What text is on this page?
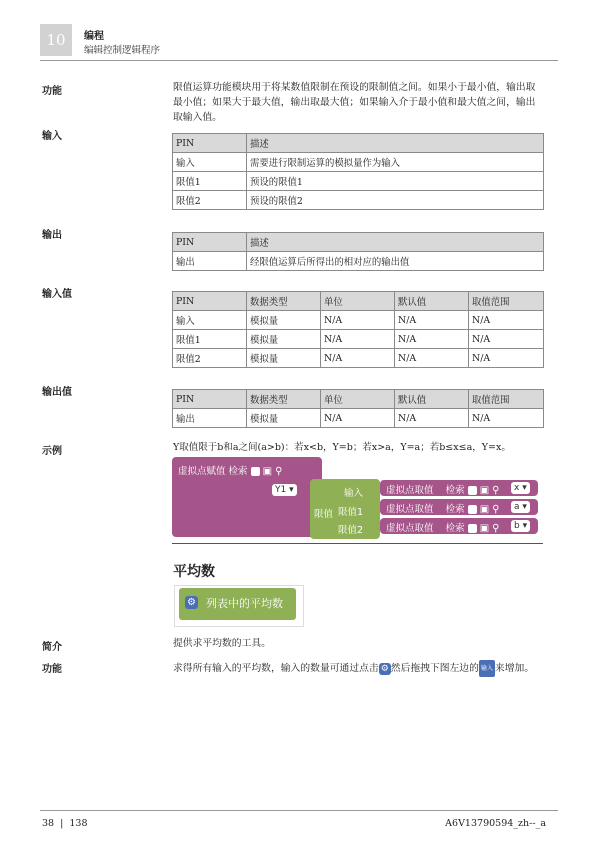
10 编程
编辑控制逻辑程序
功能	限值运算功能模块用于将某数值限制在预设的限制值之间。如果小于最小值，输出取最小值；如果大于最大值，输出取最大值；如果输入介于最小值和最大值之间，输出取输入值。
输入
PIN	描述
输入	需要进行限制运算的模拟量作为输入
限值1	预设的限值1
限值2	预设的限值2
输出
PIN	描述
输出	经限值运算后所得出的相对应的输出值
输入值
PIN	数据类型	单位	默认值	取值范围
输入	模拟量	N/A	N/A	N/A
限值1	模拟量	N/A	N/A	N/A
限值2	模拟量	N/A	N/A	N/A
输出值
PIN	数据类型	单位	默认值	取值范围
输出	模拟量	N/A	N/A	N/A
示例	Y取值限于b和a之间(a>b)：若x<b，Y=b；若x>a，Y=a；若b≤x≤a，Y=x。
虚拟点赋值 检索 ▣ ⚲
Y1 ▾
限值
输入
限值1
限值2
虚拟点取值 检索 ▣ ⚲	x ▾
虚拟点取值 检索 ▣ ⚲	a ▾
虚拟点取值 检索 ▣ ⚲	b ▾
平均数
⚙ 列表中的平均数
简介	提供求平均数的工具。
功能	求得所有输入的平均数，输入的数量可通过点击 ⚙ 然后拖拽下图左边的 输入 来增加。
38 | 138	A6V13790594_zh--_a
